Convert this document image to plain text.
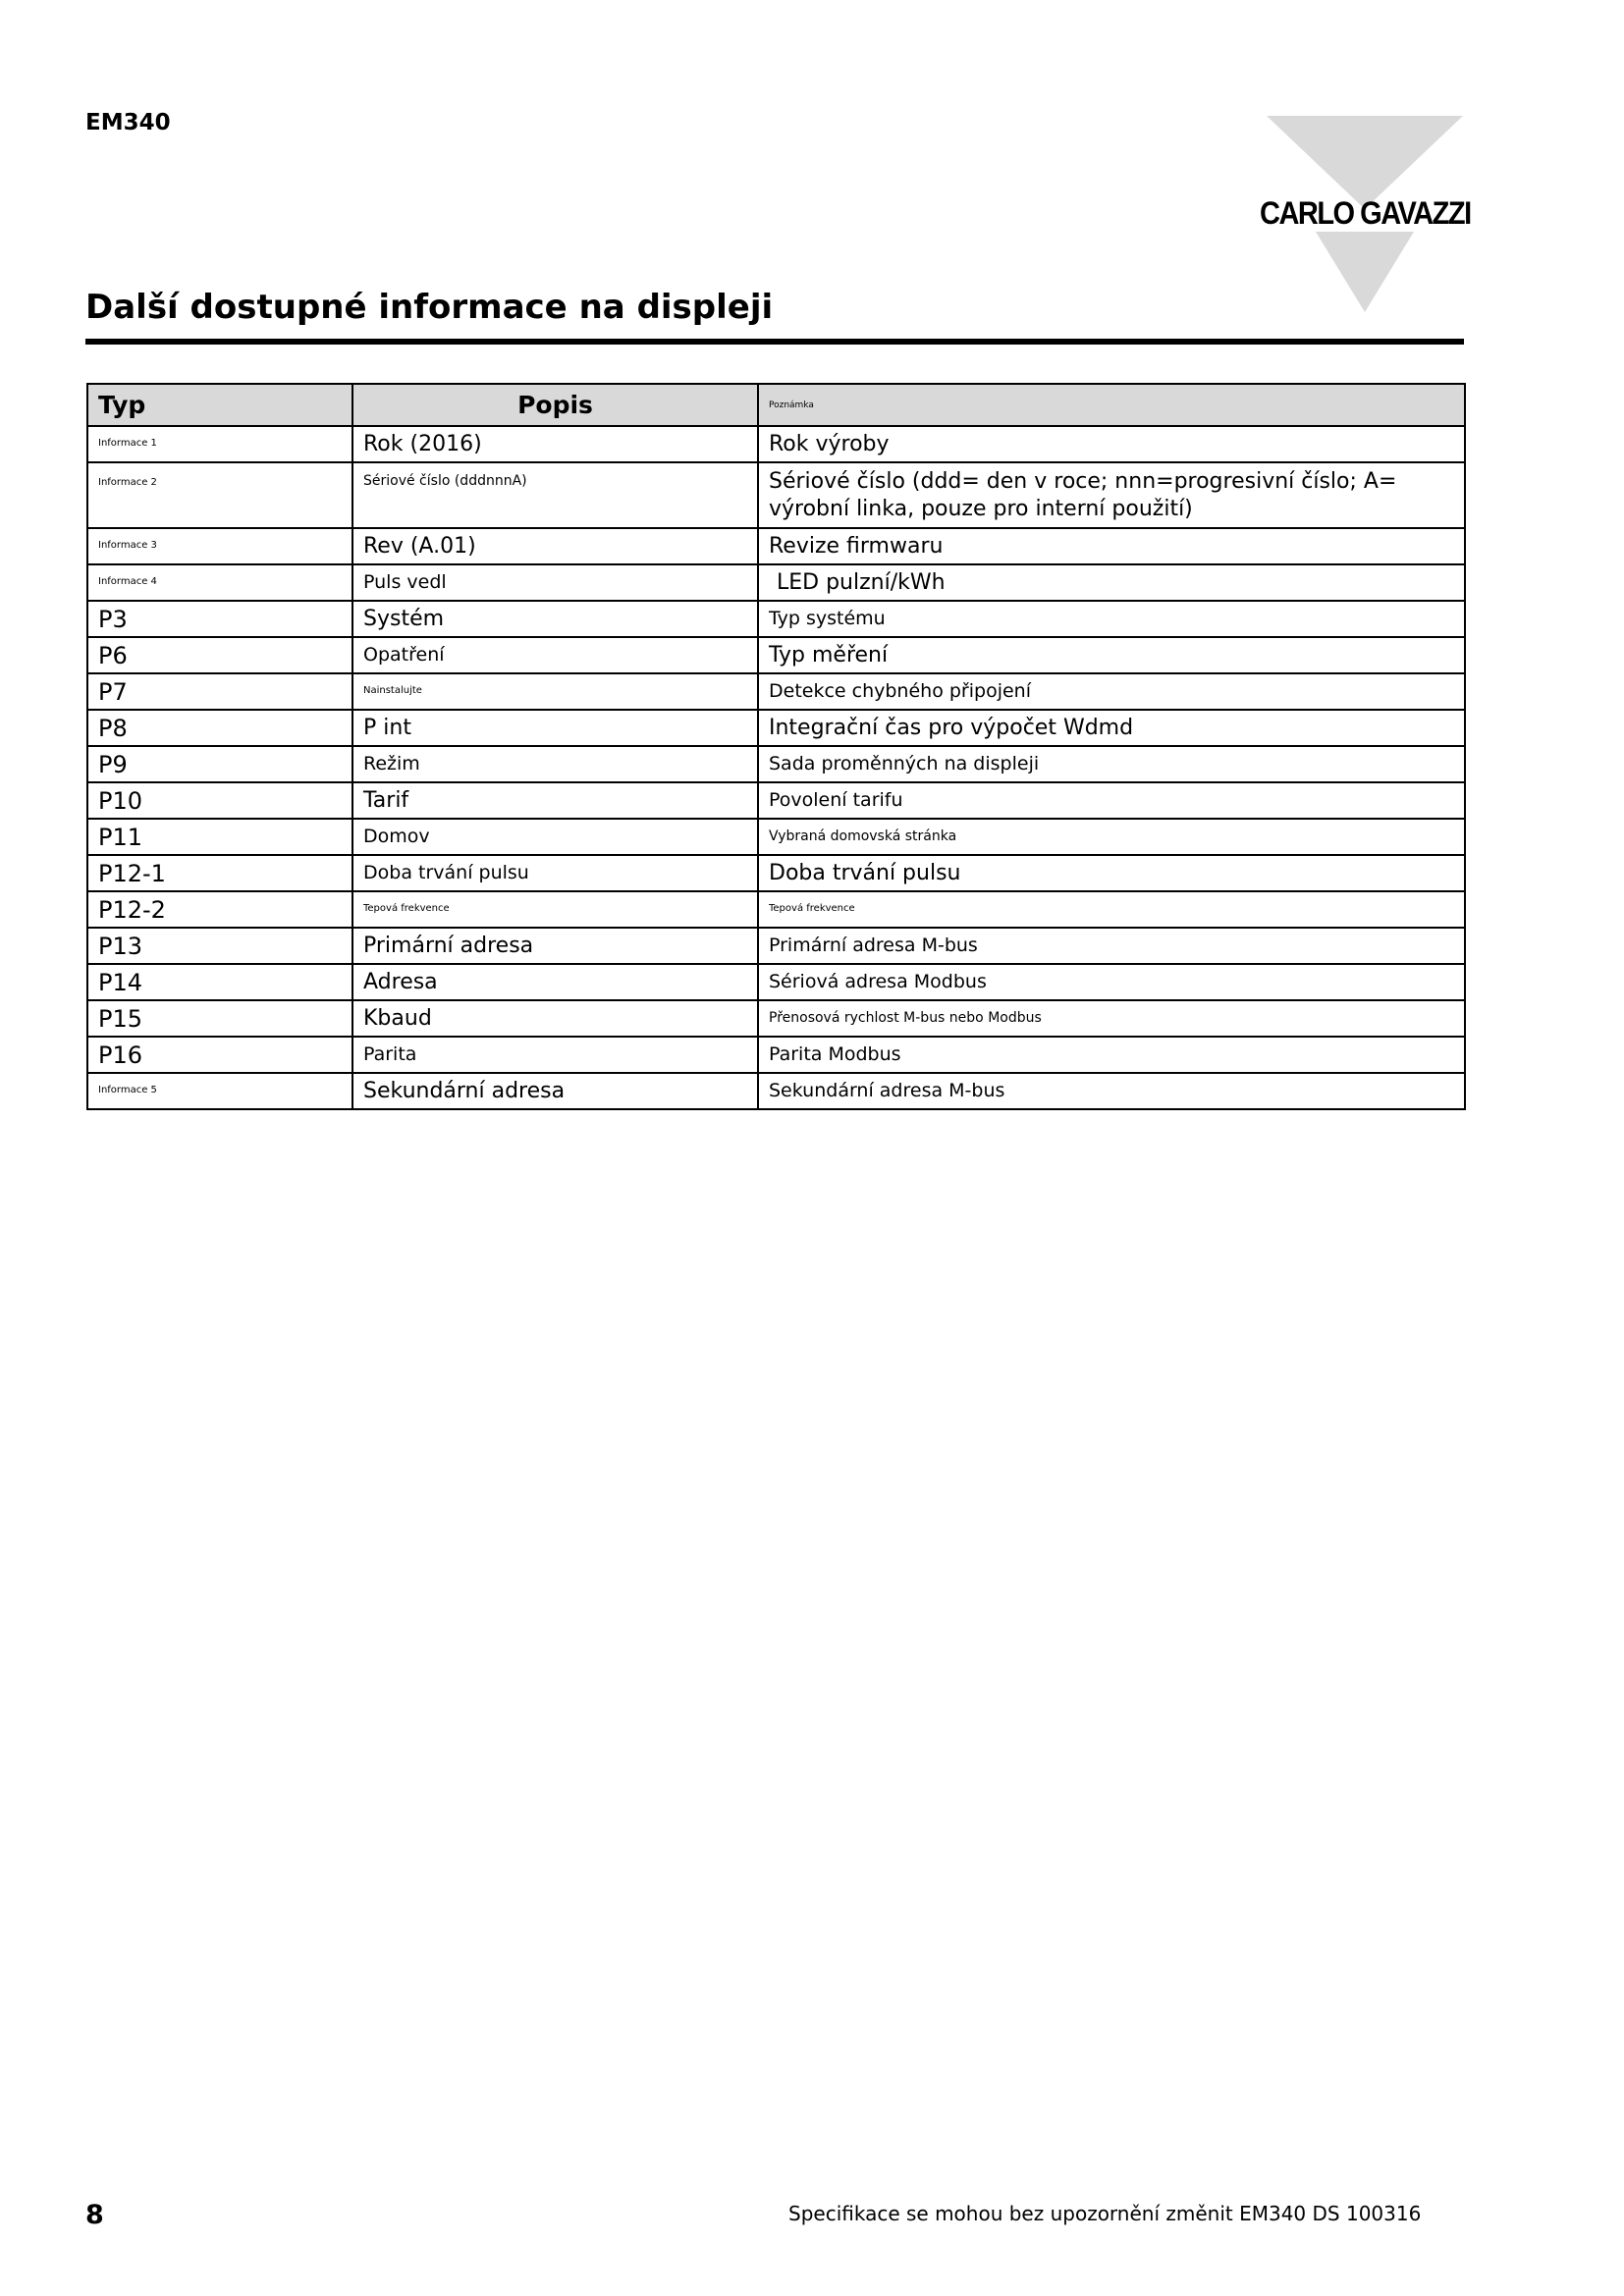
EM340
CARLO GAVAZZI
Další dostupné informace na displeji
Typ	Popis	Poznámka
Informace 1	Rok (2016)	Rok výroby
Informace 2	Sériové číslo (dddnnnA)	Sériové číslo (ddd= den v roce; nnn=progresivní číslo; A= výrobní linka, pouze pro interní použití)
Informace 3	Rev (A.01)	Revize firmwaru
Informace 4	Puls vedl	LED pulzní/kWh
P3	Systém	Typ systému
P6	Opatření	Typ měření
P7	Nainstalujte	Detekce chybného připojení
P8	P int	Integrační čas pro výpočet Wdmd
P9	Režim	Sada proměnných na displeji
P10	Tarif	Povolení tarifu
P11	Domov	Vybraná domovská stránka
P12-1	Doba trvání pulsu	Doba trvání pulsu
P12-2	Tepová frekvence	Tepová frekvence
P13	Primární adresa	Primární adresa M-bus
P14	Adresa	Sériová adresa Modbus
P15	Kbaud	Přenosová rychlost M-bus nebo Modbus
P16	Parita	Parita Modbus
Informace 5	Sekundární adresa	Sekundární adresa M-bus
8	Specifikace se mohou bez upozornění změnit EM340 DS 100316
